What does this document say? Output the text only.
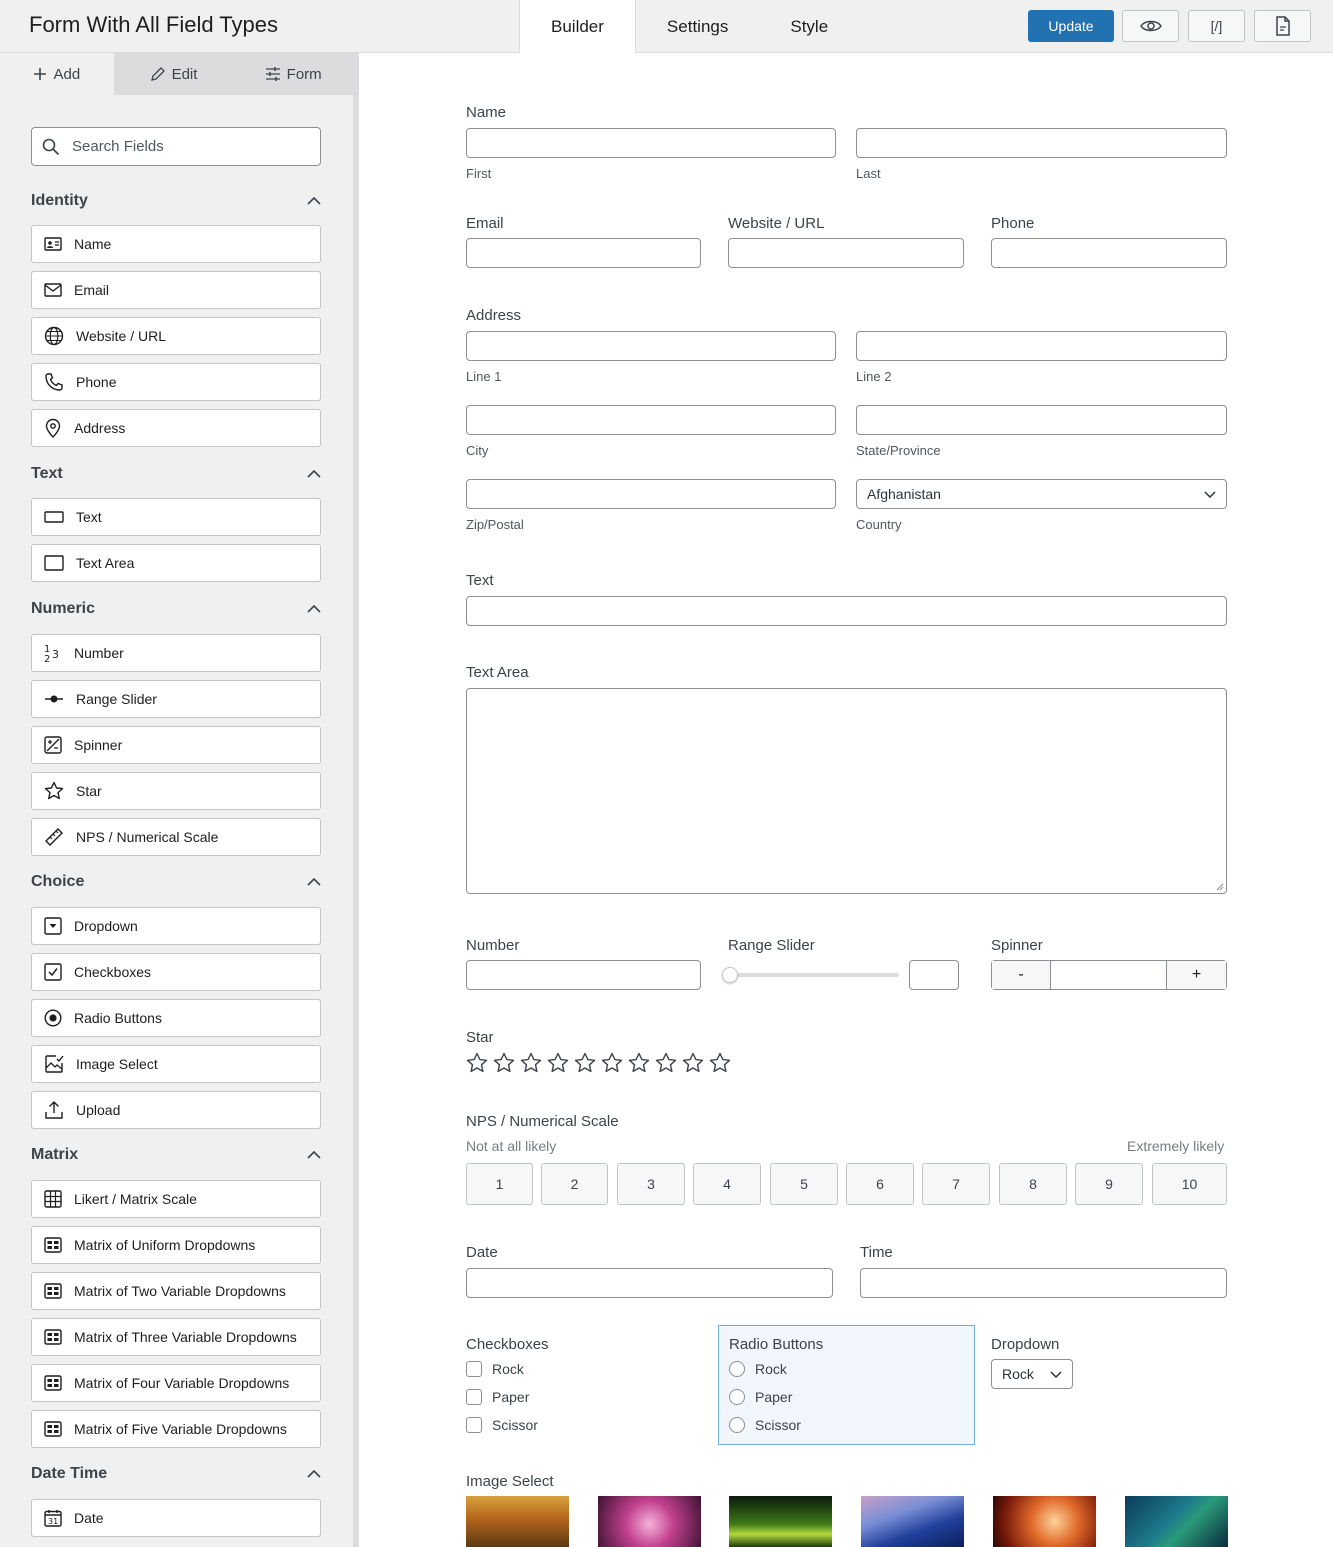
Form With All Field Types	Builder	Settings	Style	Update	[/]
Add	Edit	Form
Search Fields
Identity
Name
Email
Website / URL
Phone
Address
Text
Text
Text Area
Numeric
1
2 3 Number
Range Slider
Spinner
Star
NPS / Numerical Scale
Choice
Dropdown
Checkboxes
Radio Buttons
Image Select
Upload
Matrix
Likert / Matrix Scale
Matrix of Uniform Dropdowns
Matrix of Two Variable Dropdowns
Matrix of Three Variable Dropdowns
Matrix of Four Variable Dropdowns
Matrix of Five Variable Dropdowns
Date Time
31 Date
Name
First	Last
Email	Website / URL	Phone
Address
Line 1	Line 2
City	State/Province
Afghanistan
Zip/Postal	Country
Text
Text Area
Number	Range Slider	Spinner
-	+
Star
NPS / Numerical Scale
Not at all likely	Extremely likely
1	2	3	4	5	6	7	8	9	10
Date	Time
Checkboxes
Rock
Paper
Scissor
Radio Buttons
Rock
Paper
Scissor
Dropdown
Rock
Image Select
